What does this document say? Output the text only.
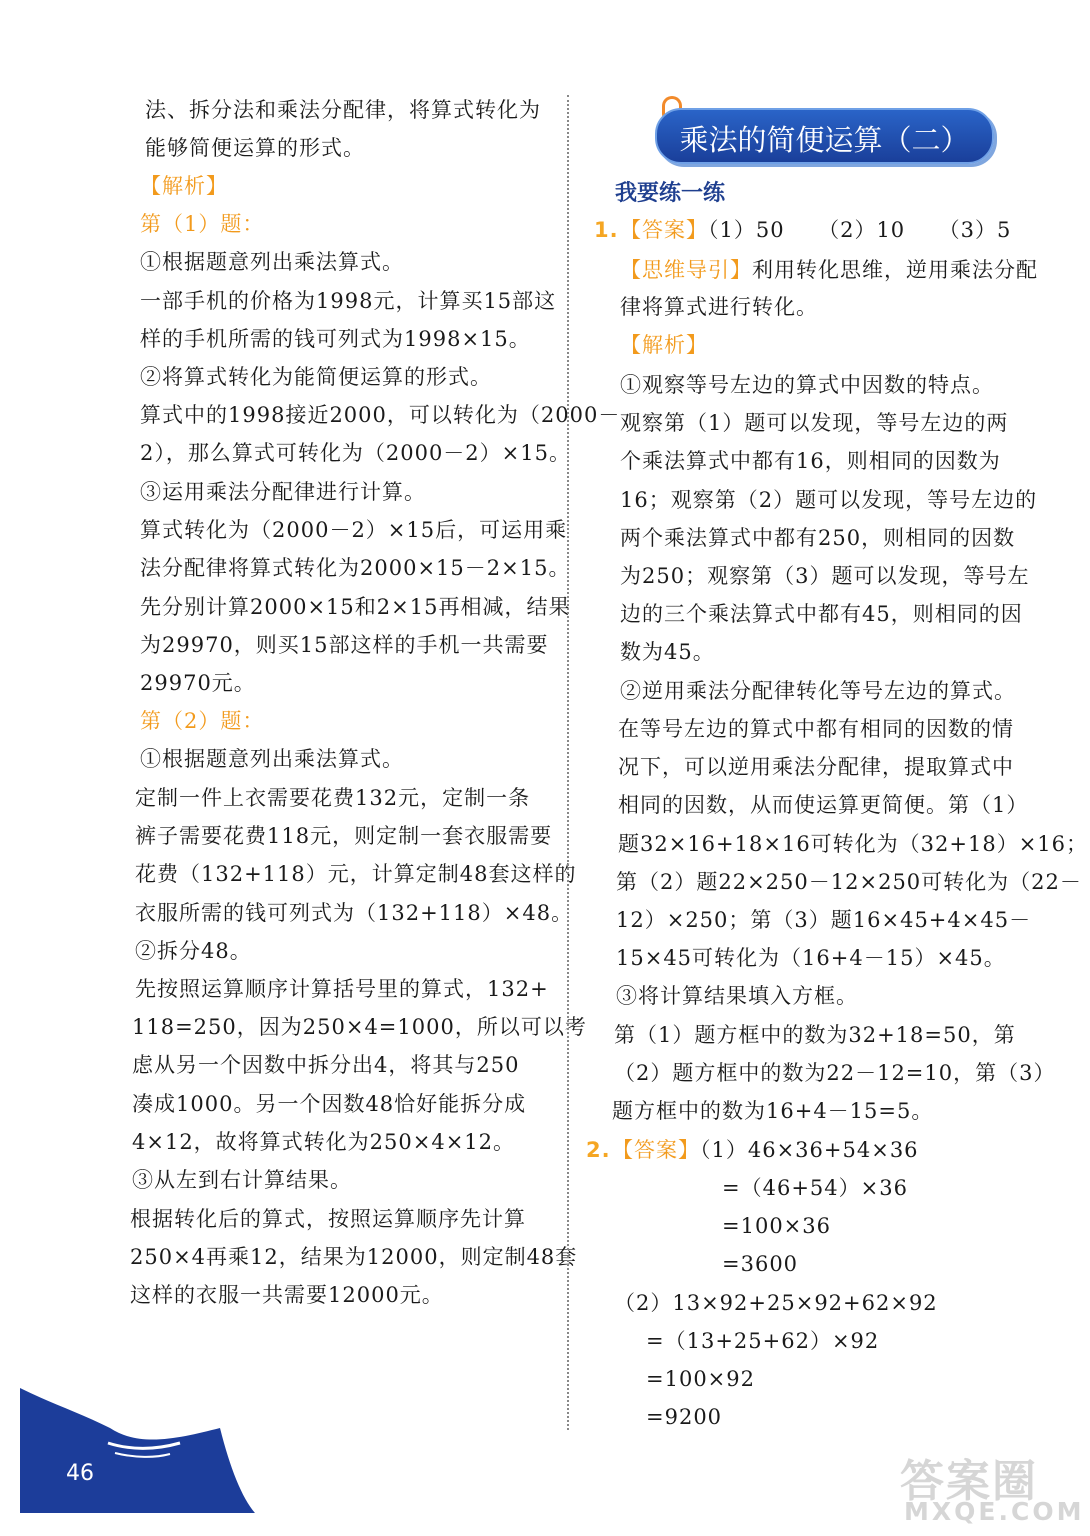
法、拆分法和乘法分配律，将算式转化为
能够简便运算的形式。
【解析】
第（1）题：
①根据题意列出乘法算式。
一部手机的价格为1998元，计算买15部这
样的手机所需的钱可列式为1998×15。
②将算式转化为能简便运算的形式。
算式中的1998接近2000，可以转化为（2000－
2），那么算式可转化为（2000－2）×15。
③运用乘法分配律进行计算。
算式转化为（2000－2）×15后，可运用乘
法分配律将算式转化为2000×15－2×15。
先分别计算2000×15和2×15再相减，结果
为29970，则买15部这样的手机一共需要
29970元。
第（2）题：
①根据题意列出乘法算式。
定制一件上衣需要花费132元，定制一条
裤子需要花费118元，则定制一套衣服需要
花费（132+118）元，计算定制48套这样的
衣服所需的钱可列式为（132+118）×48。
②拆分48。
先按照运算顺序计算括号里的算式，132+
118=250，因为250×4=1000，所以可以考
虑从另一个因数中拆分出4，将其与250
凑成1000。另一个因数48恰好能拆分成
4×12，故将算式转化为250×4×12。
③从左到右计算结果。
根据转化后的算式，按照运算顺序先计算
250×4再乘12，结果为12000，则定制48套
这样的衣服一共需要12000元。
乘法的简便运算（二）
我要练一练
1. 【答案】（1）50　　（2）10　　（3）5
【思维导引】利用转化思维，逆用乘法分配
律将算式进行转化。
【解析】
①观察等号左边的算式中因数的特点。
观察第（1）题可以发现，等号左边的两
个乘法算式中都有16，则相同的因数为
16；观察第（2）题可以发现，等号左边的
两个乘法算式中都有250，则相同的因数
为250；观察第（3）题可以发现，等号左
边的三个乘法算式中都有45，则相同的因
数为45。
②逆用乘法分配律转化等号左边的算式。
在等号左边的算式中都有相同的因数的情
况下，可以逆用乘法分配律，提取算式中
相同的因数，从而使运算更简便。第（1）
题32×16+18×16可转化为（32+18）×16；
第（2）题22×250－12×250可转化为（22－
12）×250；第（3）题16×45+4×45－
15×45可转化为（16+4－15）×45。
③将计算结果填入方框。
第（1）题方框中的数为32+18=50，第
（2）题方框中的数为22－12=10，第（3）
题方框中的数为16+4－15=5。
2. 【答案】（1）46×36+54×36
=（46+54）×36
=100×36
=3600
（2）13×92+25×92+62×92
=（13+25+62）×92
=100×92
=9200
46	答案圈
MXQE.COM
